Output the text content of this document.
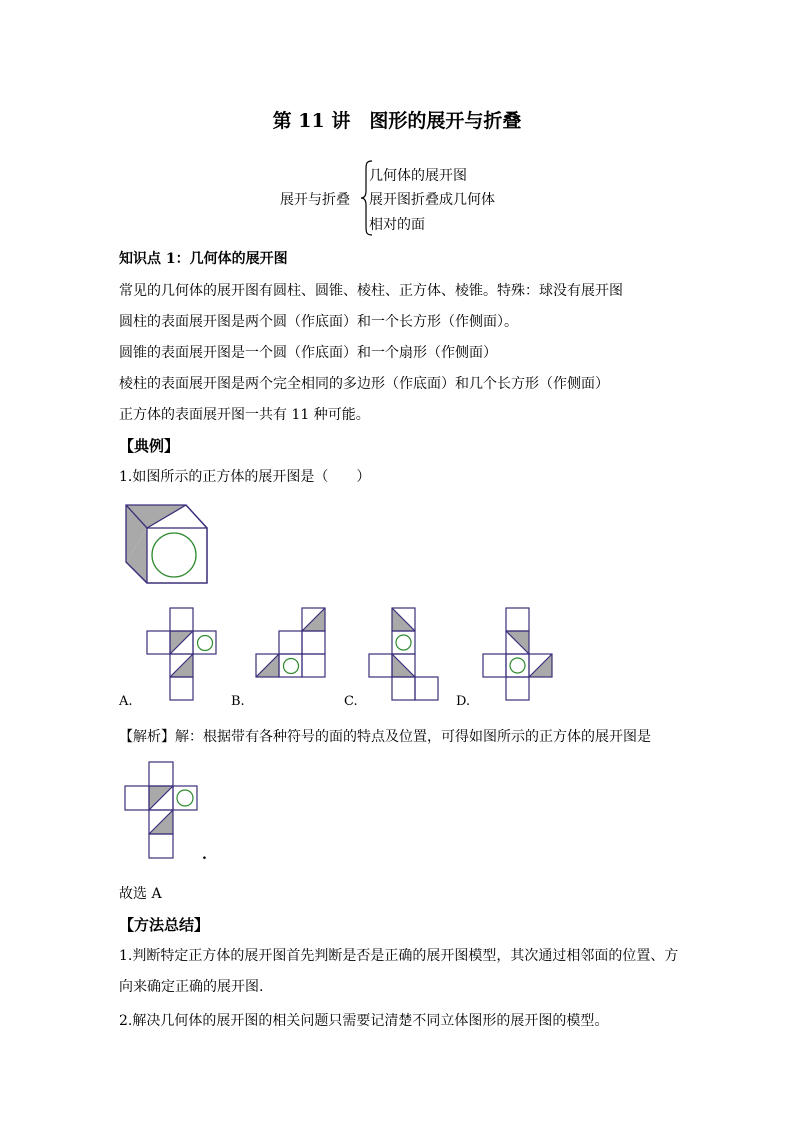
第 11 讲　图形的展开与折叠
展开与折叠
几何体的展开图
展开图折叠成几何体
相对的面
知识点 1：几何体的展开图
常见的几何体的展开图有圆柱、圆锥、棱柱、正方体、棱锥。特殊：球没有展开图
圆柱的表面展开图是两个圆（作底面）和一个长方形（作侧面）。
圆锥的表面展开图是一个圆（作底面）和一个扇形（作侧面）
棱柱的表面展开图是两个完全相同的多边形（作底面）和几个长方形（作侧面）
正方体的表面展开图一共有 11 种可能。
【典例】
1.如图所示的正方体的展开图是（　　）
A.	B.	C.	D.
【解析】解：根据带有各种符号的面的特点及位置，可得如图所示的正方体的展开图是
.
故选 A
【方法总结】
1.判断特定正方体的展开图首先判断是否是正确的展开图模型，其次通过相邻面的位置、方
向来确定正确的展开图.
2.解决几何体的展开图的相关问题只需要记清楚不同立体图形的展开图的模型。
